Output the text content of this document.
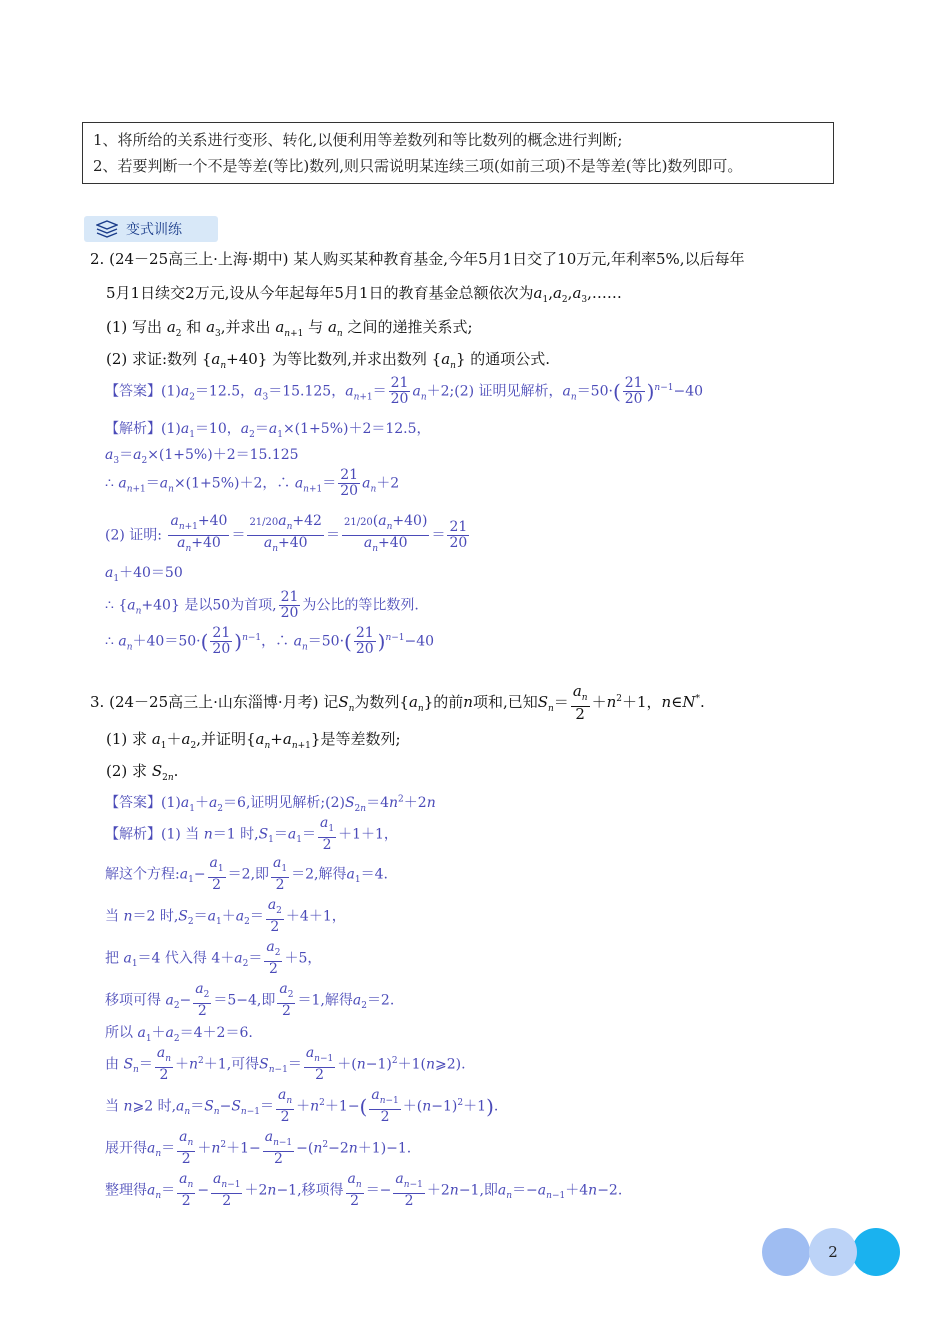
1、将所给的关系进行变形、转化,以便利用等差数列和等比数列的概念进行判断;
2、若要判断一个不是等差(等比)数列,则只需说明某连续三项(如前三项)不是等差(等比)数列即可。
变式训练
2. (24－25高三上·上海·期中) 某人购买某种教育基金,今年5月1日交了10万元,年利率5%,以后每年
5月1日续交2万元,设从今年起每年5月1日的教育基金总额依次为$a_1,a_2,a_3,\dots\dots$
(1) 写出 $a_2$ 和 $a_3$,并求出 $a_{n+1}$ 与 $a_n$ 之间的递推关系式;
(2) 求证:数列 $\{a_n+40\}$ 为等比数列,并求出数列 $\{a_n\}$ 的通项公式.
【答案】$(1)a_2=12.5$，$a_3=15.125$，$a_{n+1}= \frac{21}{20}$ $a_n+2;(2)$ 证明见解析，$a_n=50\cdot( \frac{21}{20} )^{n-1}-40$
【解析】$(1)a_1=10$，$a_2=a_1\times(1+5\%)+2=12.5$，
$a_3=a_2\times(1+5\%)+2=15.125$
∴ $a_{n+1}=a_n\times(1+5\%)+2$，∴ $a_{n+1}= \frac{21}{20} a_n+2$
(2) 证明: $\frac{a_{n+1}+40}{a_n+40} = \frac{21/20a_n+42}{a_n+40} = \frac{21/20(a_n+40)}{a_n+40} = \frac{21}{20}$
$a_1+40=50$
∴ $\{a_n+40\}$ 是以50为首项, $\frac{21}{20}$ 为公比的等比数列.
∴ $a_n+40=50\cdot( \frac{21}{20} )^{n-1}$，∴ $a_n=50\cdot( \frac{21}{20} )^{n-1}-40$
3. (24－25高三上·山东淄博·月考) 记$S_n$为数列$\{a_n\}$的前n项和,已知$S_n= \frac{a_n}{2} +n^2+1$，n∈N*.
(1) 求 $a_1+a_2$,并证明$\{a_n+a_{n+1}\}$是等差数列;
(2) 求 $S_{2n}$.
【答案】$(1)a_1+a_2=6$,证明见解析$;(2)S_{2n}=4n^2+2n$
【解析】(1) 当 n＝1 时$,S_1=a_1= \frac{a_1}{2} +1+1$，
解这个方程$:a_1- \frac{a_1}{2} =2$,即 $\frac{a_1}{2} =2$,解得$a_1=4$.
当 n＝2 时$,S_2=a_1+a_2= \frac{a_2}{2} +4+1$，
把 $a_1=4$ 代入得 $4+a_2= \frac{a_2}{2} +5$，
移项可得 $a_2- \frac{a_2}{2} =5-4$,即 $\frac{a_2}{2} =1$,解得$a_2=2$.
所以 $a_1+a_2=4+2=6$.
由 $S_n= \frac{a_n}{2} +n^2+1$,可得$S_{n-1}= \frac{a_{n-1}}{2}$ $+(n-1)^2+1(n⩾2)$.
当 n⩾2 时$,a_n=S_n-S_{n-1}= \frac{a_n}{2} +n^2+1-( \frac{a_{n-1}}{2} +(n-1)^2+1)$.
展开得$a_n= \frac{a_n}{2} +n^2+1- \frac{a_{n-1}}{2} -(n^2-2n+1)-1$.
整理得$a_n= \frac{a_n}{2} - \frac{a_{n-1}}{2} +2n-1$,移项得 $\frac{a_n}{2} =- \frac{a_{n-1}}{2} +2n-1$,即$a_n=-a_{n-1}+4n-2$.
2
